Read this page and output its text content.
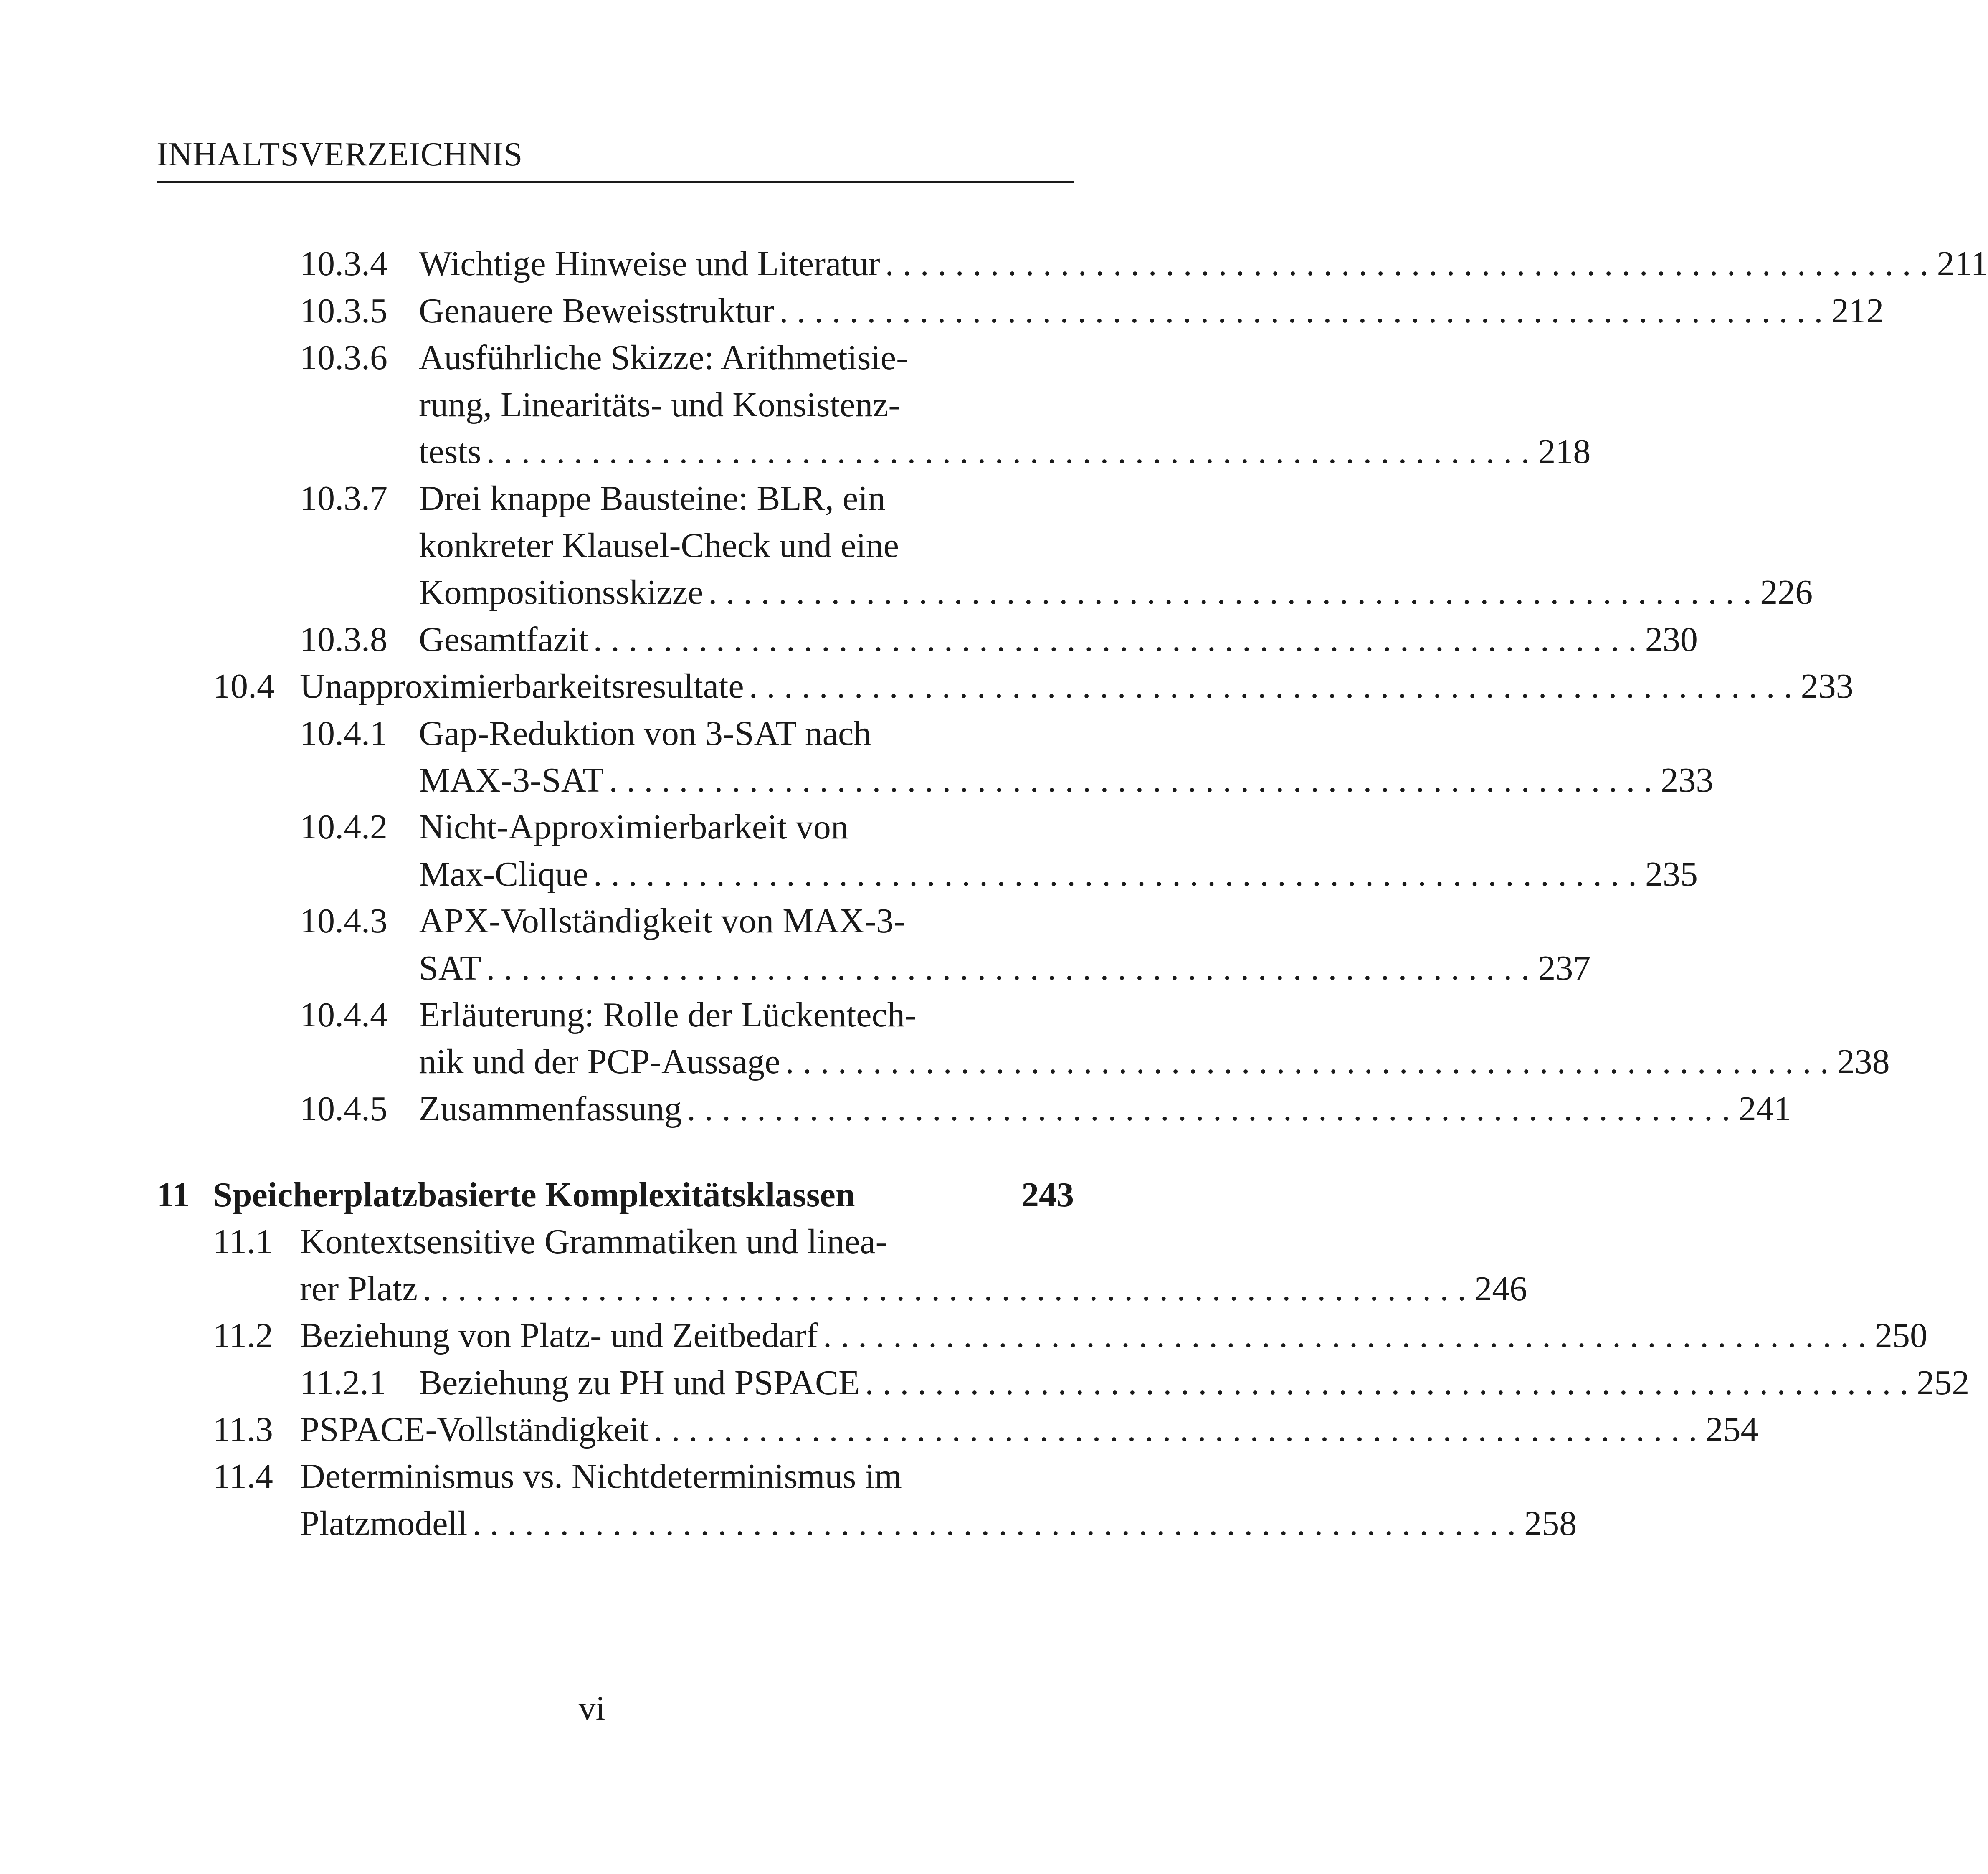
INHALTSVERZEICHNIS
10.3.4 Wichtige Hinweise und Literatur . . . . . . . . . . . . . . . . . . . . . . . . . . . . . . . . . . . . . . . . . . . . . . . . . . . . . . . . . . . . 211
10.3.5 Genauere Beweisstruktur . . . . . . . . . . . . . . . . . . . . . . . . . . . . . . . . . . . . . . . . . . . . . . . . . . . . . . . . . . . . 212
10.3.6 Ausführliche Skizze: Arithmetisie-
rung, Linearitäts- und Konsistenz-
tests . . . . . . . . . . . . . . . . . . . . . . . . . . . . . . . . . . . . . . . . . . . . . . . . . . . . . . . . . . . . 218
10.3.7 Drei knappe Bausteine: BLR, ein
konkreter Klausel-Check und eine
Kompositionsskizze . . . . . . . . . . . . . . . . . . . . . . . . . . . . . . . . . . . . . . . . . . . . . . . . . . . . . . . . . . . . 226
10.3.8 Gesamtfazit . . . . . . . . . . . . . . . . . . . . . . . . . . . . . . . . . . . . . . . . . . . . . . . . . . . . . . . . . . . . 230
10.4 Unapproximierbarkeitsresultate . . . . . . . . . . . . . . . . . . . . . . . . . . . . . . . . . . . . . . . . . . . . . . . . . . . . . . . . . . . . 233
10.4.1 Gap-Reduktion von 3-SAT nach
MAX-3-SAT . . . . . . . . . . . . . . . . . . . . . . . . . . . . . . . . . . . . . . . . . . . . . . . . . . . . . . . . . . . . 233
10.4.2 Nicht-Approximierbarkeit von
Max-Clique . . . . . . . . . . . . . . . . . . . . . . . . . . . . . . . . . . . . . . . . . . . . . . . . . . . . . . . . . . . . 235
10.4.3 APX-Vollständigkeit von MAX-3-
SAT . . . . . . . . . . . . . . . . . . . . . . . . . . . . . . . . . . . . . . . . . . . . . . . . . . . . . . . . . . . . 237
10.4.4 Erläuterung: Rolle der Lückentech-
nik und der PCP-Aussage . . . . . . . . . . . . . . . . . . . . . . . . . . . . . . . . . . . . . . . . . . . . . . . . . . . . . . . . . . . . 238
10.4.5 Zusammenfassung . . . . . . . . . . . . . . . . . . . . . . . . . . . . . . . . . . . . . . . . . . . . . . . . . . . . . . . . . . . . 241
11 Speicherplatzbasierte Komplexitätsklassen	243
11.1 Kontextsensitive Grammatiken und linea-
rer Platz . . . . . . . . . . . . . . . . . . . . . . . . . . . . . . . . . . . . . . . . . . . . . . . . . . . . . . . . . . . . 246
11.2 Beziehung von Platz- und Zeitbedarf . . . . . . . . . . . . . . . . . . . . . . . . . . . . . . . . . . . . . . . . . . . . . . . . . . . . . . . . . . . . 250
11.2.1 Beziehung zu PH und PSPACE . . . . . . . . . . . . . . . . . . . . . . . . . . . . . . . . . . . . . . . . . . . . . . . . . . . . . . . . . . . . 252
11.3 PSPACE-Vollständigkeit . . . . . . . . . . . . . . . . . . . . . . . . . . . . . . . . . . . . . . . . . . . . . . . . . . . . . . . . . . . . 254
11.4 Determinismus vs. Nichtdeterminismus im
Platzmodell . . . . . . . . . . . . . . . . . . . . . . . . . . . . . . . . . . . . . . . . . . . . . . . . . . . . . . . . . . . . 258
vi
